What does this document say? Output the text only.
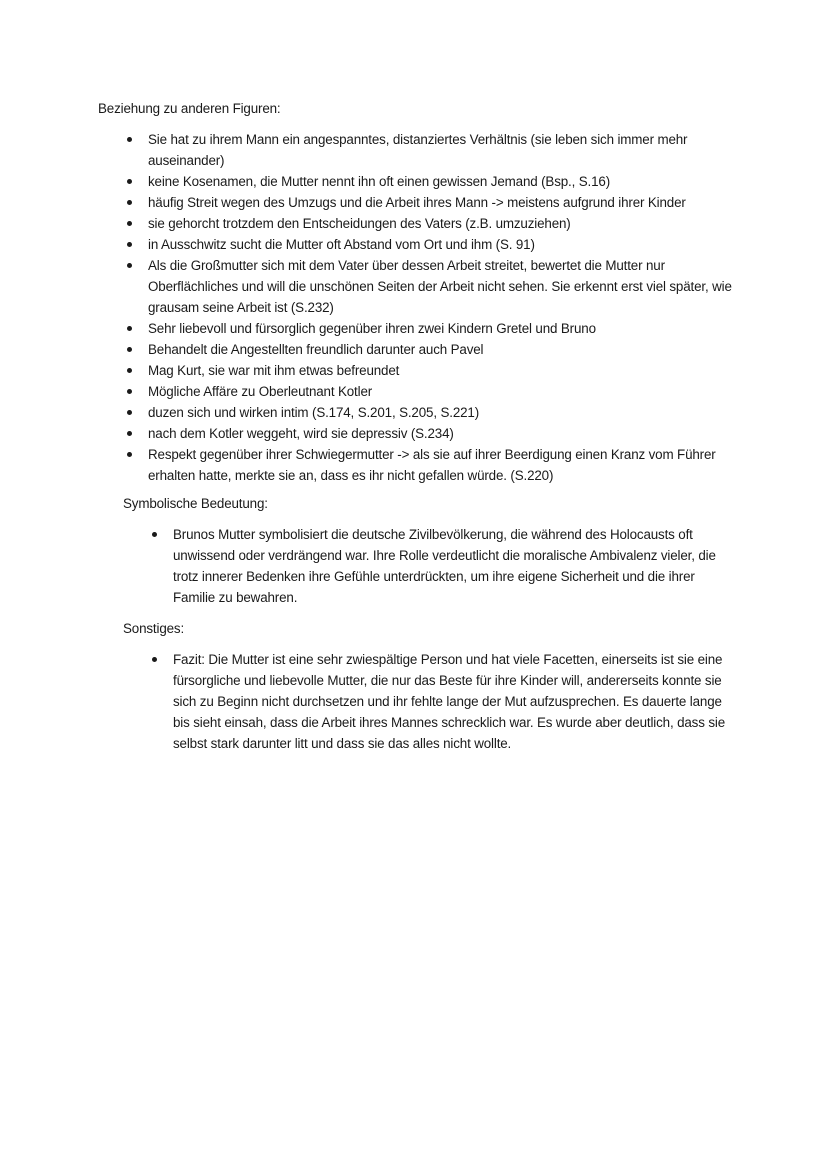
Beziehung zu anderen Figuren:

Sie hat zu ihrem Mann ein angespanntes, distanziertes Verhältnis (sie leben sich immer mehr auseinander)
keine Kosenamen, die Mutter nennt ihn oft einen gewissen Jemand (Bsp., S.16)
häufig Streit wegen des Umzugs und die Arbeit ihres Mann -> meistens aufgrund ihrer Kinder
sie gehorcht trotzdem den Entscheidungen des Vaters (z.B. umzuziehen)
in Ausschwitz sucht die Mutter oft Abstand vom Ort und ihm (S. 91)
Als die Großmutter sich mit dem Vater über dessen Arbeit streitet, bewertet die Mutter nur Oberflächliches und will die unschönen Seiten der Arbeit nicht sehen. Sie erkennt erst viel später, wie grausam seine Arbeit ist (S.232)
Sehr liebevoll und fürsorglich gegenüber ihren zwei Kindern Gretel und Bruno
Behandelt die Angestellten freundlich darunter auch Pavel
Mag Kurt, sie war mit ihm etwas befreundet
Mögliche Affäre zu Oberleutnant Kotler
duzen sich und wirken intim (S.174, S.201, S.205, S.221)
nach dem Kotler weggeht, wird sie depressiv (S.234)
Respekt gegenüber ihrer Schwiegermutter -> als sie auf ihrer Beerdigung einen Kranz vom Führer erhalten hatte, merkte sie an, dass es ihr nicht gefallen würde. (S.220)

Symbolische Bedeutung:

Brunos Mutter symbolisiert die deutsche Zivilbevölkerung, die während des Holocausts oft unwissend oder verdrängend war. Ihre Rolle verdeutlicht die moralische Ambivalenz vieler, die trotz innerer Bedenken ihre Gefühle unterdrückten, um ihre eigene Sicherheit und die ihrer Familie zu bewahren.

Sonstiges:

Fazit: Die Mutter ist eine sehr zwiespältige Person und hat viele Facetten, einerseits ist sie eine fürsorgliche und liebevolle Mutter, die nur das Beste für ihre Kinder will, andererseits konnte sie sich zu Beginn nicht durchsetzen und ihr fehlte lange der Mut aufzusprechen. Es dauerte lange bis sieht einsah, dass die Arbeit ihres Mannes schrecklich war. Es wurde aber deutlich, dass sie selbst stark darunter litt und dass sie das alles nicht wollte.
